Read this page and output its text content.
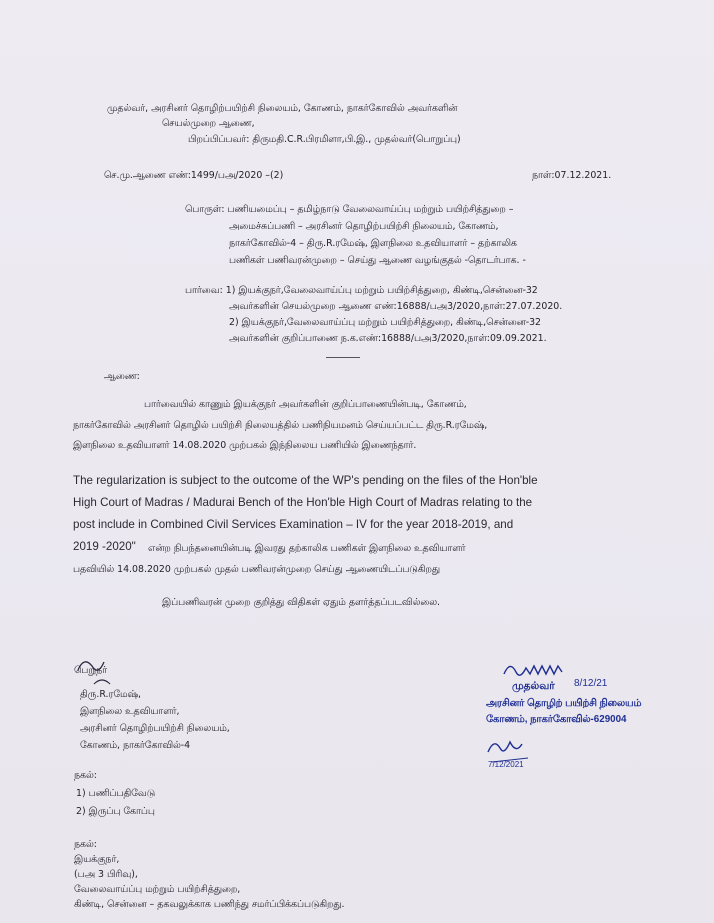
முதல்வர், அரசினர் தொழிற்பயிற்சி நிலையம், கோணம், நாகர்கோவில் அவர்களின்
செயல்முறை ஆணை,
பிறப்பிப்பவர்: திருமதி.C.R.பிரமிளா,பி.இ., முதல்வர்(பொறுப்பு)
செ.மு.ஆணை எண்:1499/பஅ/2020 –(2)	நாள்:07.12.2021.
பொருள்: பணியமைப்பு – தமிழ்நாடு வேலைவாய்ப்பு மற்றும் பயிற்சித்துறை –
அமைச்சுப்பணி – அரசினர் தொழிற்பயிற்சி நிலையம், கோணம்,
நாகர்கோவில்-4 – திரு.R.ரமேஷ், இளநிலை உதவியாளர் – தற்காலிக
பணிகள் பணிவரன்முறை – செய்து ஆணை வழங்குதல் -தொடர்பாக. -
பார்வை: 1) இயக்குநர்,வேலைவாய்ப்பு மற்றும் பயிற்சித்துறை, கிண்டி,சென்னை-32
அவர்களின் செயல்முறை ஆணை எண்:16888/பஅ3/2020,நாள்:27.07.2020.
2) இயக்குநர்,வேலைவாய்ப்பு மற்றும் பயிற்சித்துறை, கிண்டி,சென்னை-32
அவர்களின் குறிப்பாணை ந.க.எண்:16888/பஅ3/2020,நாள்:09.09.2021.
ஆணை:
பார்வையில் காணும் இயக்குநர் அவர்களின் குறிப்பாணையின்படி, கோணம்,
நாகர்கோவில் அரசினர் தொழில் பயிற்சி நிலையத்தில் பணிநியமனம் செய்யப்பட்ட திரு.R.ரமேஷ்,
இளநிலை உதவியாளர் 14.08.2020 முற்பகல் இந்நிலைய பணியில் இணைந்தார்.
The regularization is subject to the outcome of the WP's pending on the files of the Hon'ble
High Court of Madras / Madurai Bench of the Hon'ble High Court of Madras relating to the
post include in Combined Civil Services Examination – IV for the year 2018-2019, and
2019 -2020" என்ற நிபந்தனையின்படி இவரது தற்காலிக பணிகள் இளநிலை உதவியாளர்
பதவியில் 14.08.2020 முற்பகல் முதல் பணிவரன்முறை செய்து ஆணையிடப்படுகிறது
இப்பணிவரன் முறை குறித்து விதிகள் ஏதும் தளர்த்தப்படவில்லை.
பெறுநர்
திரு.R.ரமேஷ்,
இளநிலை உதவியாளர்,
அரசினர் தொழிற்பயிற்சி நிலையம்,
கோணம், நாகர்கோவில்-4
நகல்:
1) பணிப்பதிவேடு
2) இருப்பு கோப்பு
நகல்:
இயக்குநர்,
(பஅ 3 பிரிவு),
வேலைவாய்ப்பு மற்றும் பயிற்சித்துறை,
கிண்டி, சென்னை – தகவலுக்காக பணிந்து சமர்ப்பிக்கப்படுகிறது.
முதல்வர் 8/12/21
அரசினர் தொழிற் பயிற்சி நிலையம்
கோணம், நாகர்கோவில்-629004
7/12/2021
